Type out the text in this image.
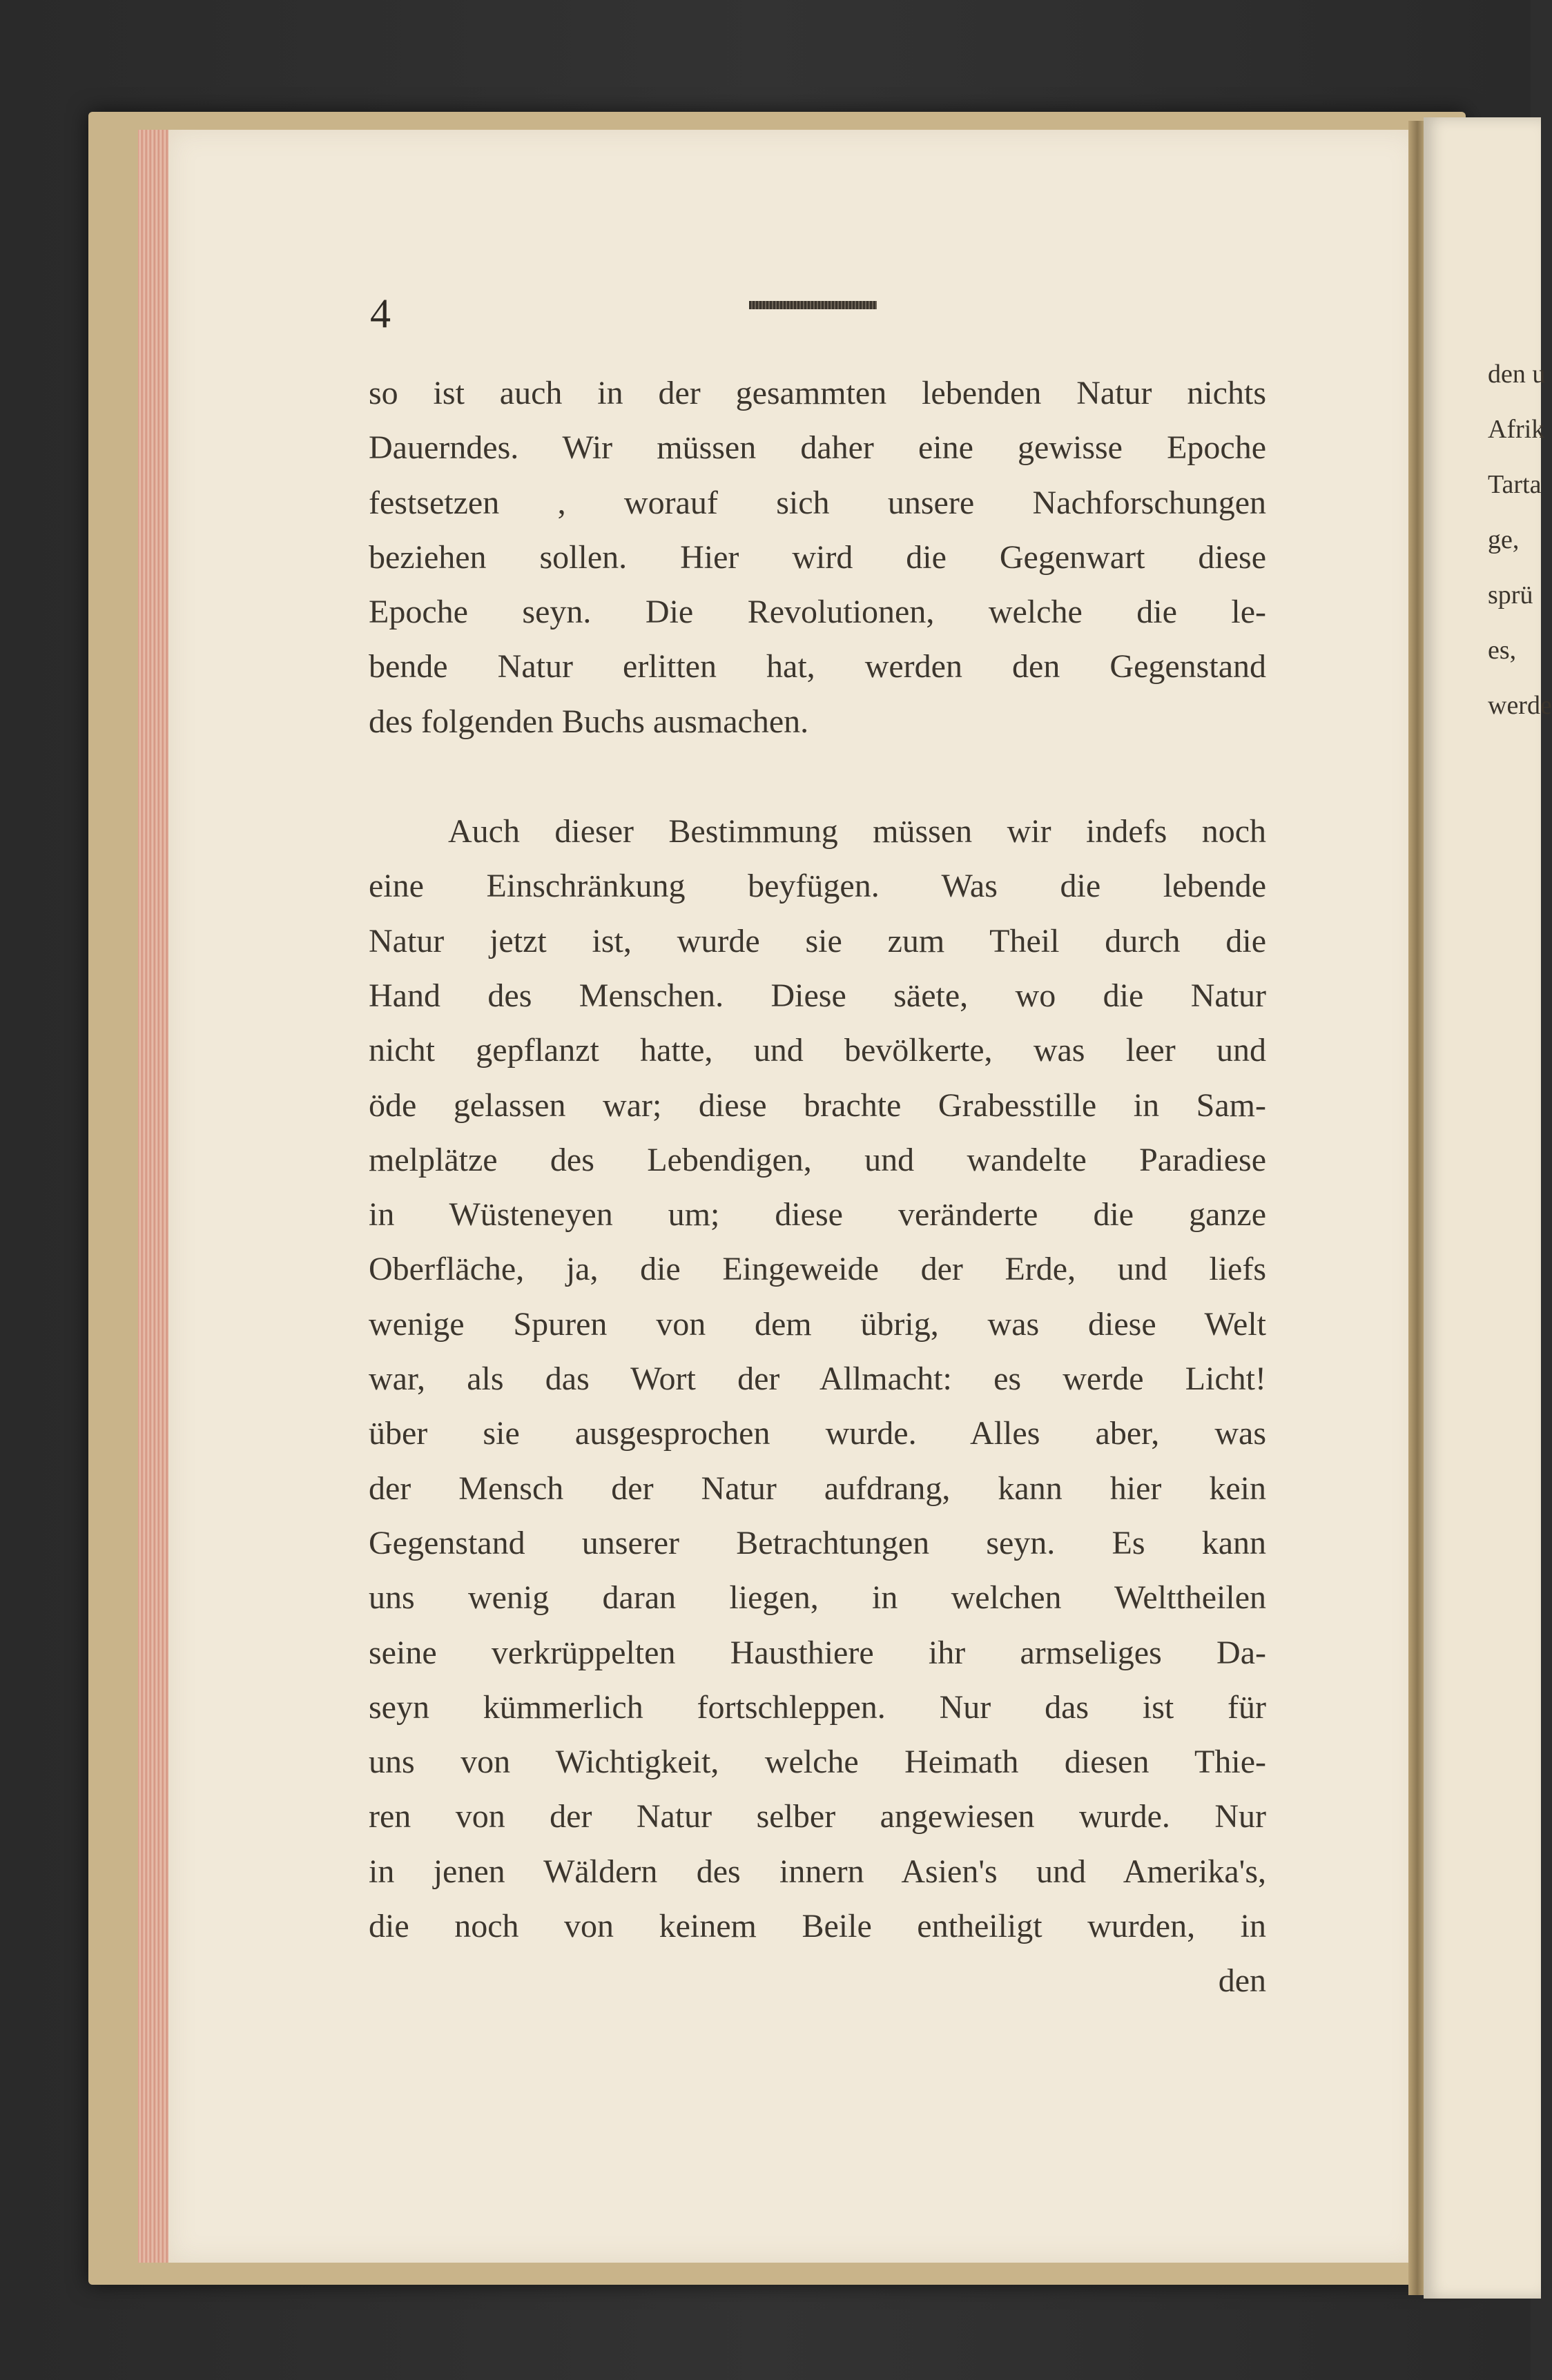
den u
Afrik
Tarta
ge,
sprü
es,
werde
4
so ist auch in der gesammten lebenden Natur nichts
Dauerndes. Wir müssen daher eine gewisse Epoche
festsetzen , worauf sich unsere Nachforschungen
beziehen sollen. Hier wird die Gegenwart diese
Epoche seyn. Die Revolutionen, welche die le-
bende Natur erlitten hat, werden den Gegenstand
des folgenden Buchs ausmachen.
Auch dieser Bestimmung müssen wir indefs noch
eine Einschränkung beyfügen. Was die lebende
Natur jetzt ist, wurde sie zum Theil durch die
Hand des Menschen. Diese säete, wo die Natur
nicht gepflanzt hatte, und bevölkerte, was leer und
öde gelassen war; diese brachte Grabesstille in Sam-
melplätze des Lebendigen, und wandelte Paradiese
in Wüsteneyen um; diese veränderte die ganze
Oberfläche, ja, die Eingeweide der Erde, und liefs
wenige Spuren von dem übrig, was diese Welt
war, als das Wort der Allmacht: es werde Licht!
über sie ausgesprochen wurde. Alles aber, was
der Mensch der Natur aufdrang, kann hier kein
Gegenstand unserer Betrachtungen seyn. Es kann
uns wenig daran liegen, in welchen Welttheilen
seine verkrüppelten Hausthiere ihr armseliges Da-
seyn kümmerlich fortschleppen. Nur das ist für
uns von Wichtigkeit, welche Heimath diesen Thie-
ren von der Natur selber angewiesen wurde. Nur
in jenen Wäldern des innern Asien's und Amerika's,
die noch von keinem Beile entheiligt wurden, in
den
